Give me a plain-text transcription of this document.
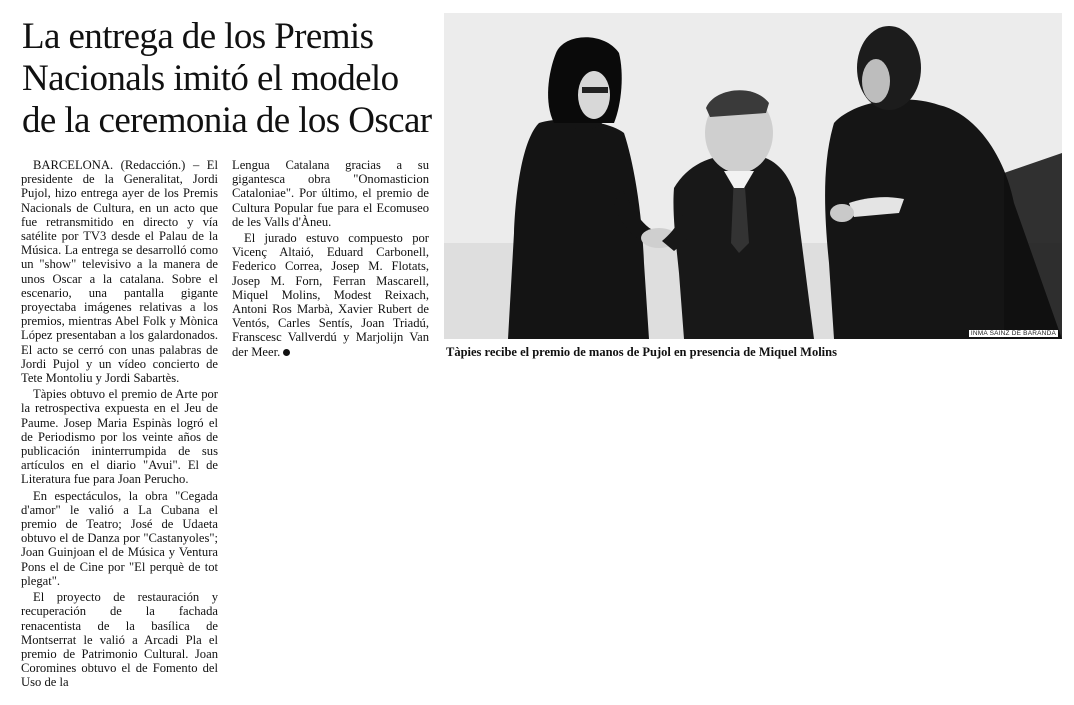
La entrega de los Premis Nacionals imitó el modelo de la ceremonia de los Oscar

BARCELONA. (Redacción.) – El presidente de la Generalitat, Jordi Pujol, hizo entrega ayer de los Premis Nacionals de Cultura, en un acto que fue retransmitido en directo y vía satélite por TV3 desde el Palau de la Música. La entrega se desarrolló como un "show" televisivo a la manera de unos Oscar a la catalana. Sobre el escenario, una pantalla gigante proyectaba imágenes relativas a los premios, mientras Abel Folk y Mònica López presentaban a los galardonados. El acto se cerró con unas palabras de Jordi Pujol y un vídeo concierto de Tete Montoliu y Jordi Sabartès.

Tàpies obtuvo el premio de Arte por la retrospectiva expuesta en el Jeu de Paume. Josep Maria Espinàs logró el de Periodismo por los veinte años de publicación ininterrumpida de sus artículos en el diario "Avui". El de Literatura fue para Joan Perucho.

En espectáculos, la obra "Cegada d'amor" le valió a La Cubana el premio de Teatro; José de Udaeta obtuvo el de Danza por "Castanyoles"; Joan Guinjoan el de Música y Ventura Pons el de Cine por "El perquè de tot plegat".

El proyecto de restauración y recuperación de la fachada renacentista de la basílica de Montserrat le valió a Arcadi Pla el premio de Patrimonio Cultural. Joan Coromines obtuvo el de Fomento del Uso de la

Lengua Catalana gracias a su gigantesca obra "Onomasticion Cataloniae". Por último, el premio de Cultura Popular fue para el Ecomuseo de les Valls d'Àneu.

El jurado estuvo compuesto por Vicenç Altaió, Eduard Carbonell, Federico Correa, Josep M. Flotats, Josep M. Forn, Ferran Mascarell, Miquel Molins, Modest Reixach, Antoni Ros Marbà, Xavier Rubert de Ventós, Carles Sentís, Joan Triadú, Franscesc Vallverdú y Marjolijn Van der Meer.

INMA SAINZ DE BARANDA
Tàpies recibe el premio de manos de Pujol en presencia de Miquel Molins
